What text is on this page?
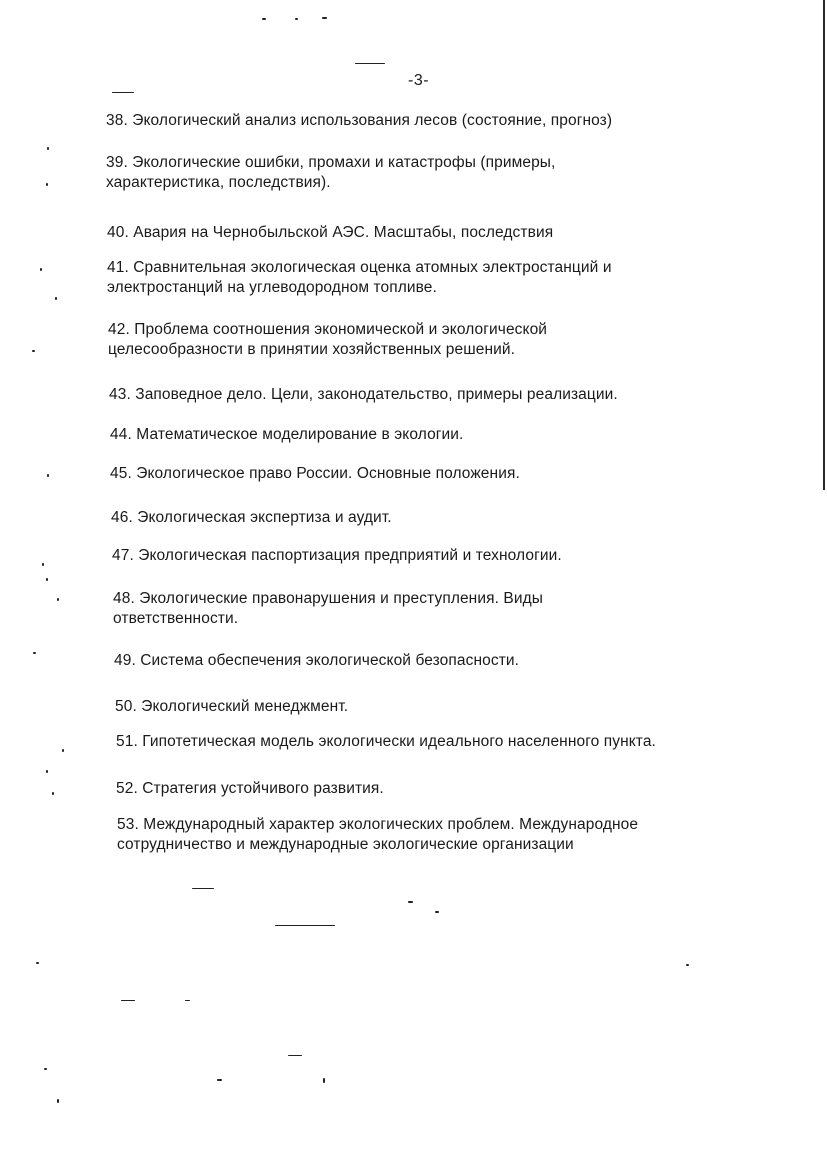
-3-
38. Экологический анализ использования лесов (состояние, прогноз)
39. Экологические ошибки, промахи и катастрофы (примеры,
характеристика, последствия).
40. Авария на Чернобыльской АЭС. Масштабы, последствия
41. Сравнительная экологическая оценка атомных электростанций и
электростанций на углеводородном топливе.
42. Проблема соотношения экономической и экологической
целесообразности в принятии хозяйственных решений.
43. Заповедное дело. Цели, законодательство, примеры реализации.
44. Математическое моделирование в экологии.
45. Экологическое право России. Основные положения.
46. Экологическая экспертиза и аудит.
47. Экологическая паспортизация предприятий и технологии.
48. Экологические правонарушения и преступления. Виды
ответственности.
49. Система обеспечения экологической безопасности.
50. Экологический менеджмент.
51. Гипотетическая модель экологически идеального населенного пункта.
52. Стратегия устойчивого развития.
53. Международный характер экологических проблем. Международное
сотрудничество и международные экологические организации
